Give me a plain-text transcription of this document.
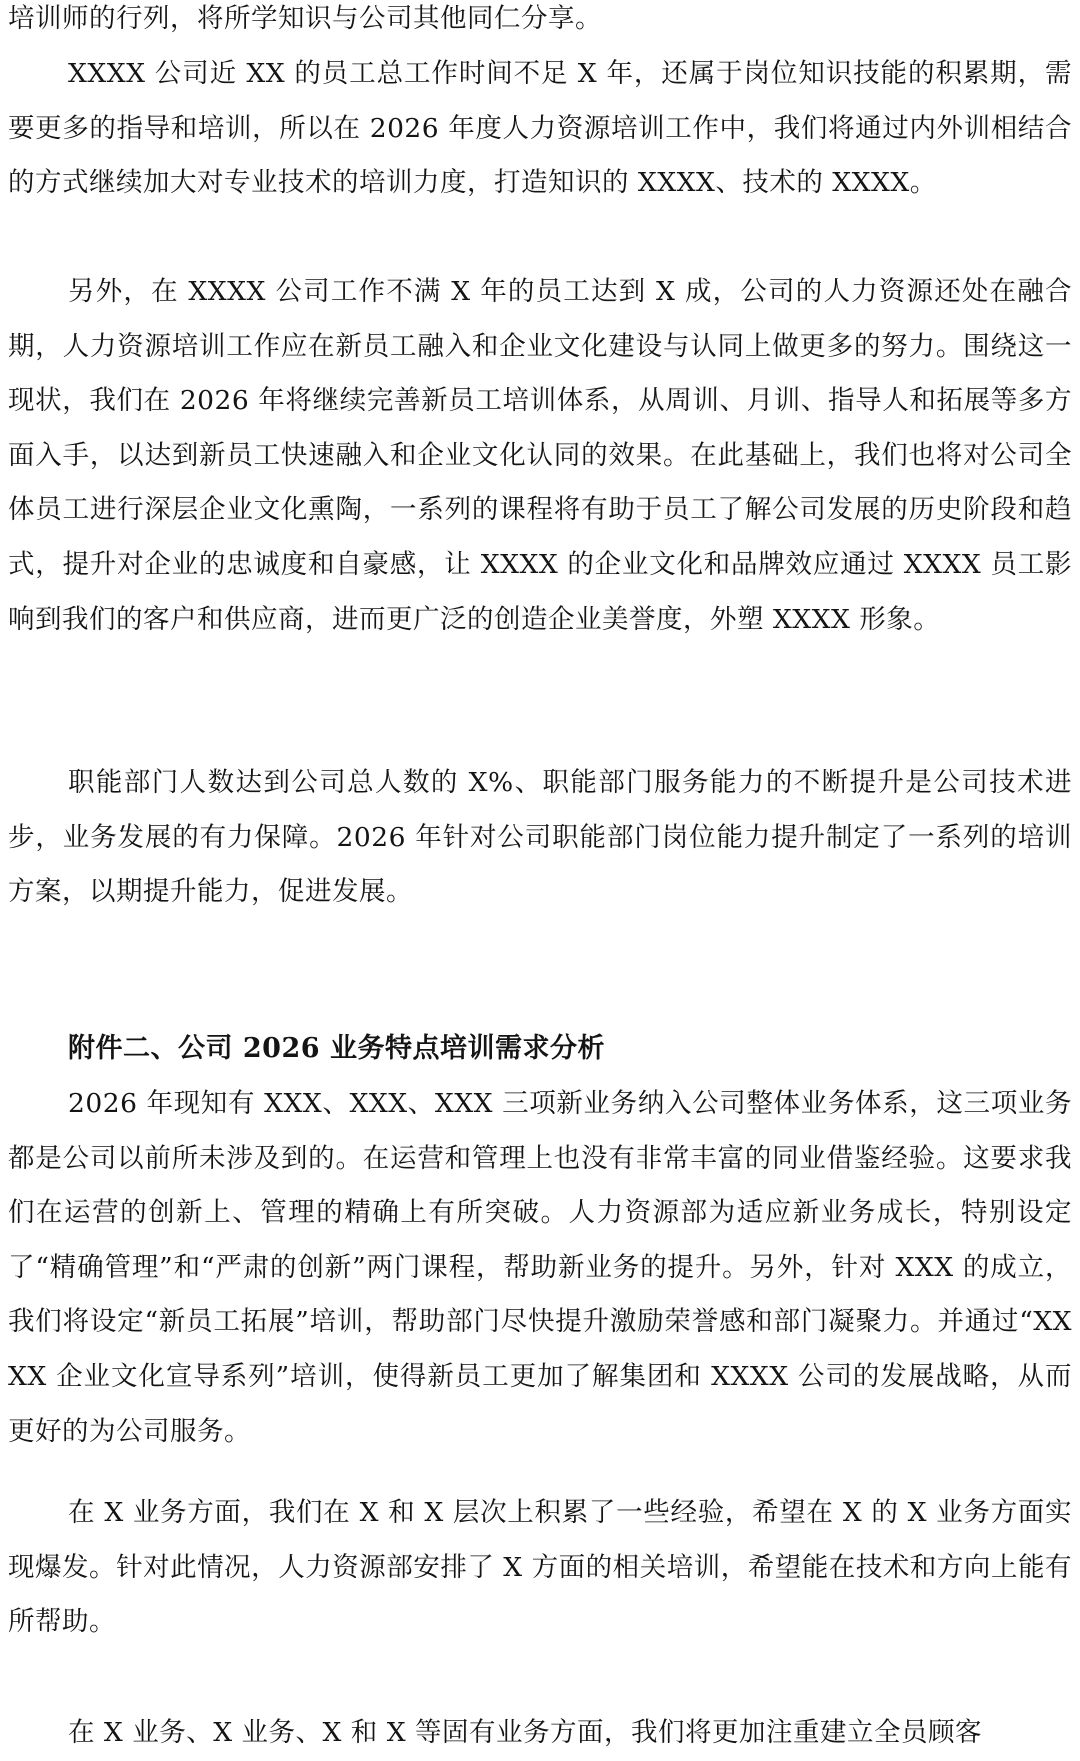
培训师的行列，将所学知识与公司其他同仁分享。

XXXX 公司近 XX 的员工总工作时间不足 X 年，还属于岗位知识技能的积累期，需要更多的指导和培训，所以在 2026 年度人力资源培训工作中，我们将通过内外训相结合的方式继续加大对专业技术的培训力度，打造知识的 XXXX、技术的 XXXX。

另外，在 XXXX 公司工作不满 X 年的员工达到 X 成，公司的人力资源还处在融合期，人力资源培训工作应在新员工融入和企业文化建设与认同上做更多的努力。围绕这一现状，我们在 2026 年将继续完善新员工培训体系，从周训、月训、指导人和拓展等多方面入手，以达到新员工快速融入和企业文化认同的效果。在此基础上，我们也将对公司全体员工进行深层企业文化熏陶，一系列的课程将有助于员工了解公司发展的历史阶段和趋式，提升对企业的忠诚度和自豪感，让 XXXX 的企业文化和品牌效应通过 XXXX 员工影响到我们的客户和供应商，进而更广泛的创造企业美誉度，外塑 XXXX 形象。

职能部门人数达到公司总人数的 X%、职能部门服务能力的不断提升是公司技术进步，业务发展的有力保障。2026 年针对公司职能部门岗位能力提升制定了一系列的培训方案，以期提升能力，促进发展。

附件二、公司 2026 业务特点培训需求分析

2026 年现知有 XXX、XXX、XXX 三项新业务纳入公司整体业务体系，这三项业务都是公司以前所未涉及到的。在运营和管理上也没有非常丰富的同业借鉴经验。这要求我们在运营的创新上、管理的精确上有所突破。人力资源部为适应新业务成长，特别设定了“精确管理”和“严肃的创新”两门课程，帮助新业务的提升。另外，针对 XXX 的成立，我们将设定“新员工拓展”培训，帮助部门尽快提升激励荣誉感和部门凝聚力。并通过“XXXX 企业文化宣导系列”培训，使得新员工更加了解集团和 XXXX 公司的发展战略，从而更好的为公司服务。

在 X 业务方面，我们在 X 和 X 层次上积累了一些经验，希望在 X 的 X 业务方面实现爆发。针对此情况，人力资源部安排了 X 方面的相关培训，希望能在技术和方向上能有所帮助。

在 X 业务、X 业务、X 和 X 等固有业务方面，我们将更加注重建立全员顾客
